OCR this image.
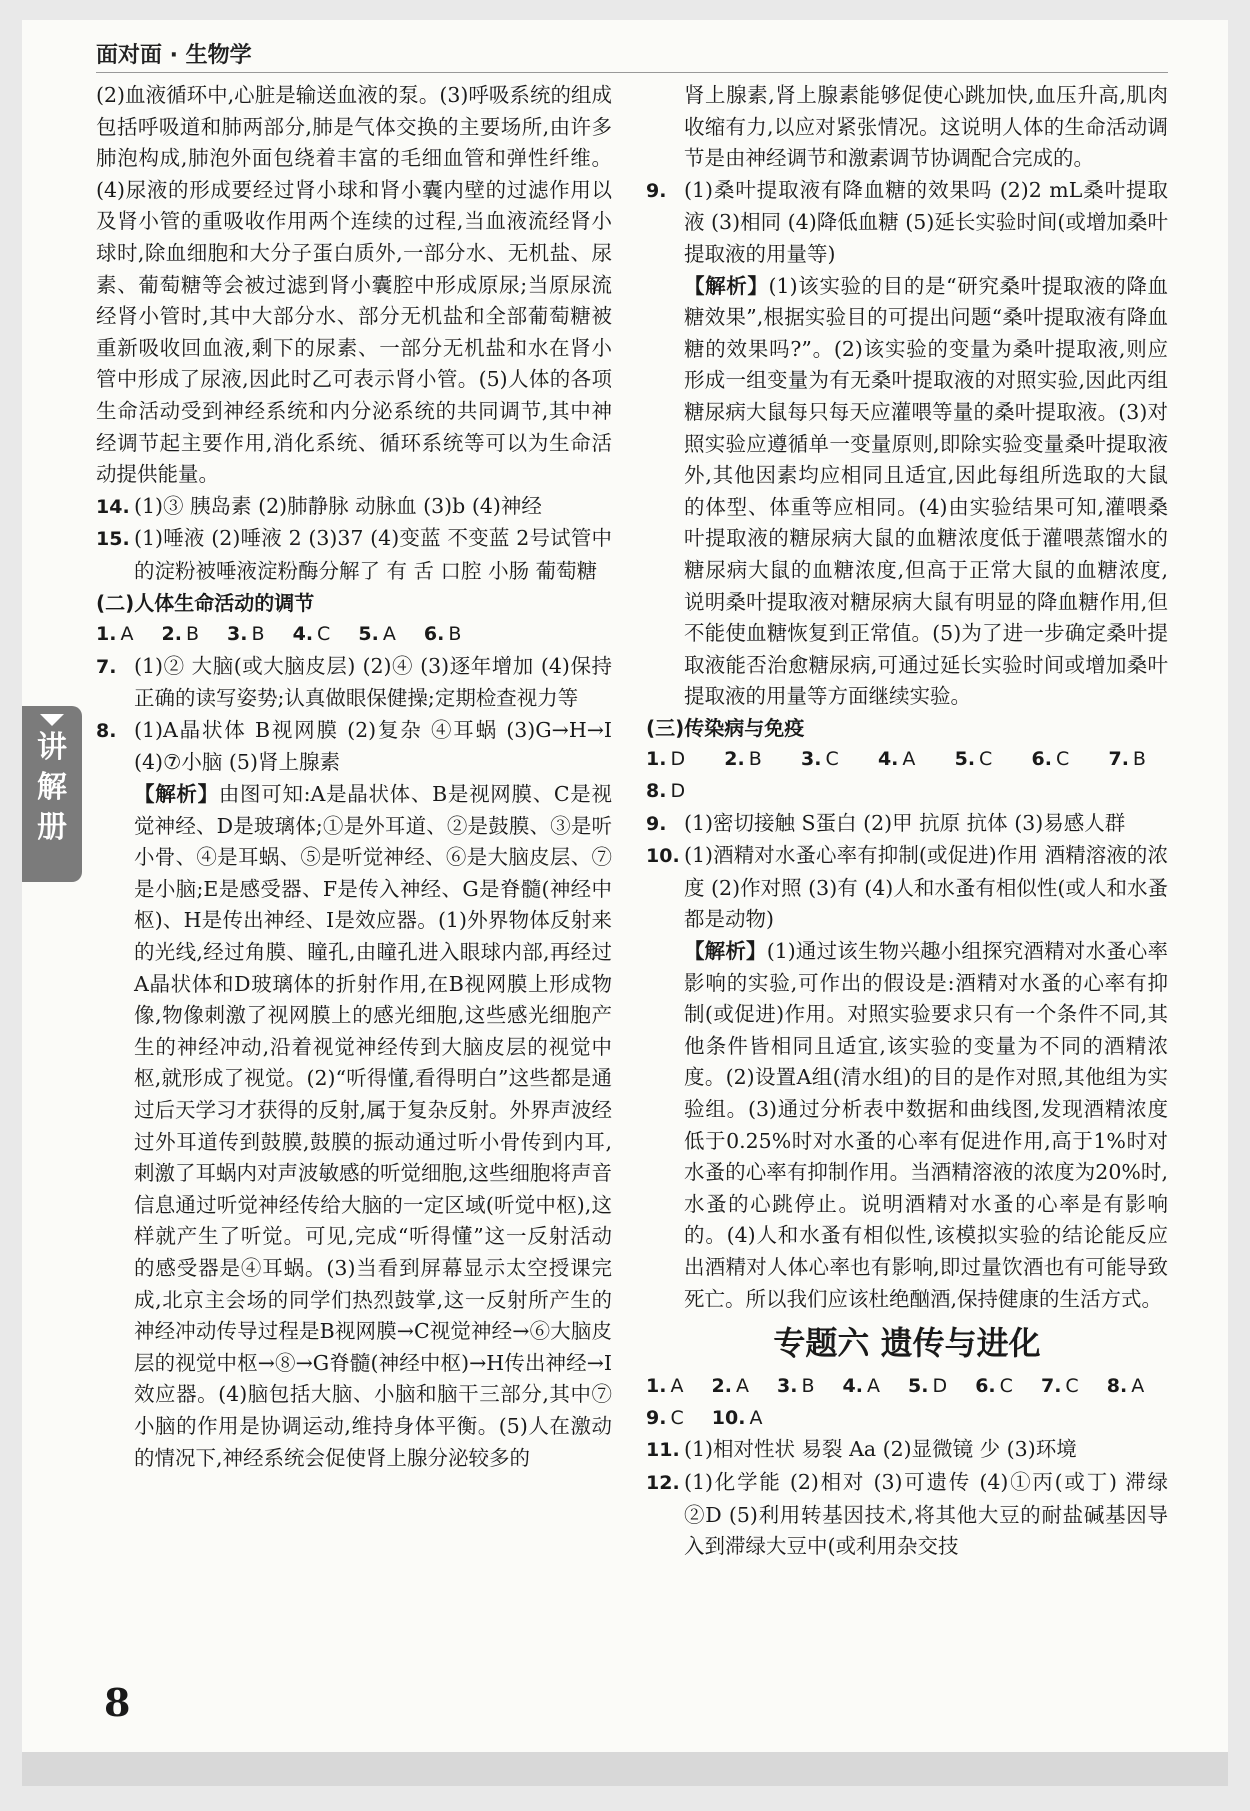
面对面 · 生物学
讲
解
册

(2)血液循环中,心脏是输送血液的泵。(3)呼吸系统的组成包括呼吸道和肺两部分,肺是气体交换的主要场所,由许多肺泡构成,肺泡外面包绕着丰富的毛细血管和弹性纤维。(4)尿液的形成要经过肾小球和肾小囊内壁的过滤作用以及肾小管的重吸收作用两个连续的过程,当血液流经肾小球时,除血细胞和大分子蛋白质外,一部分水、无机盐、尿素、葡萄糖等会被过滤到肾小囊腔中形成原尿;当原尿流经肾小管时,其中大部分水、部分无机盐和全部葡萄糖被重新吸收回血液,剩下的尿素、一部分无机盐和水在肾小管中形成了尿液,因此时乙可表示肾小管。(5)人体的各项生命活动受到神经系统和内分泌系统的共同调节,其中神经调节起主要作用,消化系统、循环系统等可以为生命活动提供能量。

14. (1)③ 胰岛素 (2)肺静脉 动脉血 (3)b (4)神经

15. (1)唾液 (2)唾液 2 (3)37 (4)变蓝 不变蓝 2号试管中的淀粉被唾液淀粉酶分解了 有 舌 口腔 小肠 葡萄糖

(二)人体生命活动的调节

1. A 2. B 3. B 4. C 5. A 6. B

7. (1)② 大脑(或大脑皮层) (2)④ (3)逐年增加 (4)保持正确的读写姿势;认真做眼保健操;定期检查视力等

8. (1)A晶状体 B视网膜 (2)复杂 ④耳蜗 (3)G→H→I (4)⑦小脑 (5)肾上腺素

【解析】由图可知:A是晶状体、B是视网膜、C是视觉神经、D是玻璃体;①是外耳道、②是鼓膜、③是听小骨、④是耳蜗、⑤是听觉神经、⑥是大脑皮层、⑦是小脑;E是感受器、F是传入神经、G是脊髓(神经中枢)、H是传出神经、I是效应器。(1)外界物体反射来的光线,经过角膜、瞳孔,由瞳孔进入眼球内部,再经过A晶状体和D玻璃体的折射作用,在B视网膜上形成物像,物像刺激了视网膜上的感光细胞,这些感光细胞产生的神经冲动,沿着视觉神经传到大脑皮层的视觉中枢,就形成了视觉。(2)“听得懂,看得明白”这些都是通过后天学习才获得的反射,属于复杂反射。外界声波经过外耳道传到鼓膜,鼓膜的振动通过听小骨传到内耳,刺激了耳蜗内对声波敏感的听觉细胞,这些细胞将声音信息通过听觉神经传给大脑的一定区域(听觉中枢),这样就产生了听觉。可见,完成“听得懂”这一反射活动的感受器是④耳蜗。(3)当看到屏幕显示太空授课完成,北京主会场的同学们热烈鼓掌,这一反射所产生的神经冲动传导过程是B视网膜→C视觉神经→⑥大脑皮层的视觉中枢→⑧→G脊髓(神经中枢)→H传出神经→I效应器。(4)脑包括大脑、小脑和脑干三部分,其中⑦小脑的作用是协调运动,维持身体平衡。(5)人在激动的情况下,神经系统会促使肾上腺分泌较多的

肾上腺素,肾上腺素能够促使心跳加快,血压升高,肌肉收缩有力,以应对紧张情况。这说明人体的生命活动调节是由神经调节和激素调节协调配合完成的。

9. (1)桑叶提取液有降血糖的效果吗 (2)2 mL桑叶提取液 (3)相同 (4)降低血糖 (5)延长实验时间(或增加桑叶提取液的用量等)

【解析】(1)该实验的目的是“研究桑叶提取液的降血糖效果”,根据实验目的可提出问题“桑叶提取液有降血糖的效果吗?”。(2)该实验的变量为桑叶提取液,则应形成一组变量为有无桑叶提取液的对照实验,因此丙组糖尿病大鼠每只每天应灌喂等量的桑叶提取液。(3)对照实验应遵循单一变量原则,即除实验变量桑叶提取液外,其他因素均应相同且适宜,因此每组所选取的大鼠的体型、体重等应相同。(4)由实验结果可知,灌喂桑叶提取液的糖尿病大鼠的血糖浓度低于灌喂蒸馏水的糖尿病大鼠的血糖浓度,但高于正常大鼠的血糖浓度,说明桑叶提取液对糖尿病大鼠有明显的降血糖作用,但不能使血糖恢复到正常值。(5)为了进一步确定桑叶提取液能否治愈糖尿病,可通过延长实验时间或增加桑叶提取液的用量等方面继续实验。

(三)传染病与免疫

1. D 2. B 3. C 4. A 5. C 6. C 7. B 8. D

9. (1)密切接触 S蛋白 (2)甲 抗原 抗体 (3)易感人群

10. (1)酒精对水蚤心率有抑制(或促进)作用 酒精溶液的浓度 (2)作对照 (3)有 (4)人和水蚤有相似性(或人和水蚤都是动物)

【解析】(1)通过该生物兴趣小组探究酒精对水蚤心率影响的实验,可作出的假设是:酒精对水蚤的心率有抑制(或促进)作用。对照实验要求只有一个条件不同,其他条件皆相同且适宜,该实验的变量为不同的酒精浓度。(2)设置A组(清水组)的目的是作对照,其他组为实验组。(3)通过分析表中数据和曲线图,发现酒精浓度低于0.25%时对水蚤的心率有促进作用,高于1%时对水蚤的心率有抑制作用。当酒精溶液的浓度为20%时,水蚤的心跳停止。说明酒精对水蚤的心率是有影响的。(4)人和水蚤有相似性,该模拟实验的结论能反应出酒精对人体心率也有影响,即过量饮酒也有可能导致死亡。所以我们应该杜绝酗酒,保持健康的生活方式。

专题六 遗传与进化

1. A 2. A 3. B 4. A 5. D 6. C 7. C 8. A

9. C 10. A

11. (1)相对性状 易裂 Aa (2)显微镜 少 (3)环境

12. (1)化学能 (2)相对 (3)可遗传 (4)①丙(或丁) 滞绿 ②D (5)利用转基因技术,将其他大豆的耐盐碱基因导入到滞绿大豆中(或利用杂交技

8
